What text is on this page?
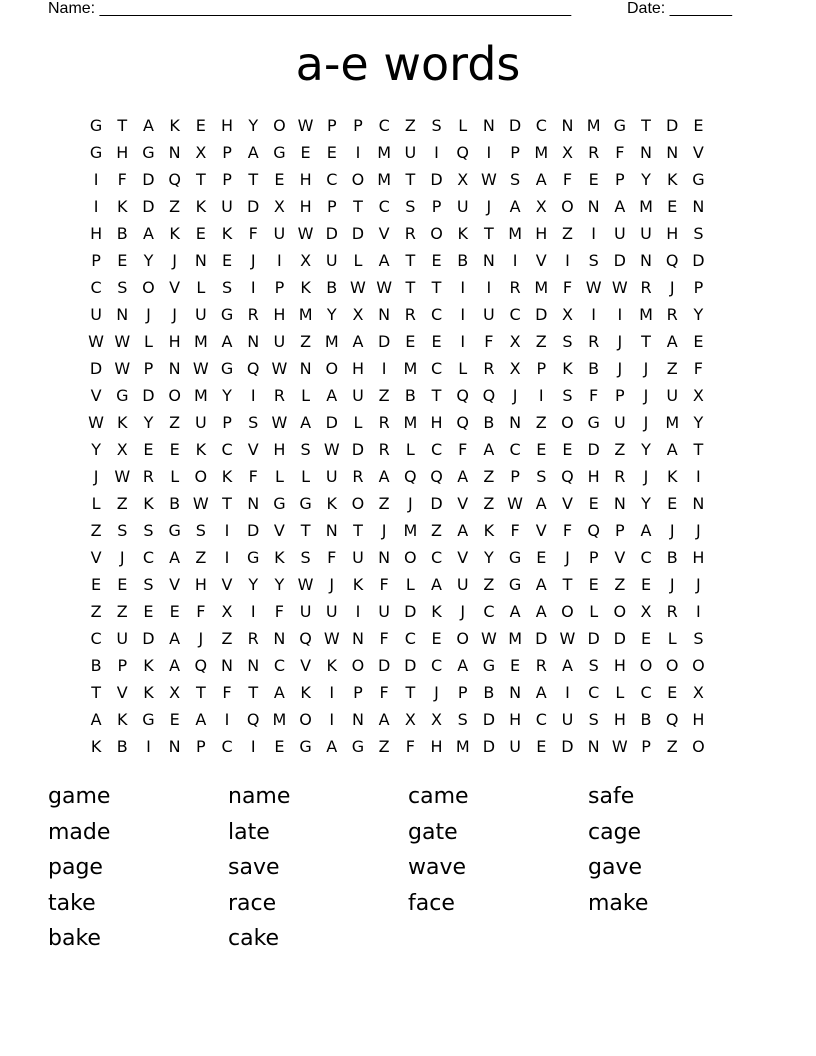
Name: _____________________________________________________	Date: _______
a-e words
G T A K E H Y O W P	P C Z S	L N D C N M G T D E
G H G N X P A G E	E	I	M U	I	Q	I	P M X R	F N N V
I	F D Q T	P	T	E H C O M T D X W S A	F	E	P	Y	K G
I	K D Z K U D X H P	T C S	P U	J	A X O N A M E N
H B A K E K	F U W D D V R O K	T M H Z	I	U U H S
P	E	Y	J	N E	J	I	X U L	A T	E B N	I	V	I	S D N Q D
C S O V	L	S	I	P	K B W W T	T	I	I	R M F W W R	J	P
U N	J	J	U G R H M Y X N R C	I	U C D X	I	I	M R Y
W W L H M A N U Z M A D E	E	I	F	X Z S R	J	T A E
D W P N W G Q W N O H	I	M C	L	R X P	K B	J	J	Z	F
V G D O M Y	I	R	L	A U Z B T Q Q	J	I	S	F	P	J	U X
W K	Y Z U P	S W A D L	R M H Q B N Z O G U	J	M Y
Y X E	E K C V H S W D R	L	C	F	A C E	E D Z Y A T
J W R	L O K	F	L	L U R A Q Q A Z P	S Q H R	J	K	I
L	Z K B W T N G G K O Z	J	D V Z W A V E N Y	E N
Z S	S G S	I	D V T N T	J	M Z A K	F	V	F Q P A	J	J
V	J	C A Z	I	G K S	F U N O C V Y G E	J	P V C B H
E	E	S V H V Y	Y W J	K	F	L	A U Z G A T	E Z E	J	J
Z Z E	E	F	X	I	F U U	I	U D K	J	C A A O L O X R	I
C U D A	J	Z R N Q W N F	C E O W M D W D D E	L	S
B P	K A Q N N C V K O D D C A G E R A S H O O O
T V K X T	F	T A K	I	P	F	T	J	P B N A	I	C	L	C E X
A K G E A	I	Q M O	I	N A X X S D H C U S H B Q H
K B	I	N P C	I	E G A G Z	F H M D U E D N W P Z O
game	name	came	safe
made	late	gate	cage
page	save	wave	gave
take	race	face	make
bake	cake
